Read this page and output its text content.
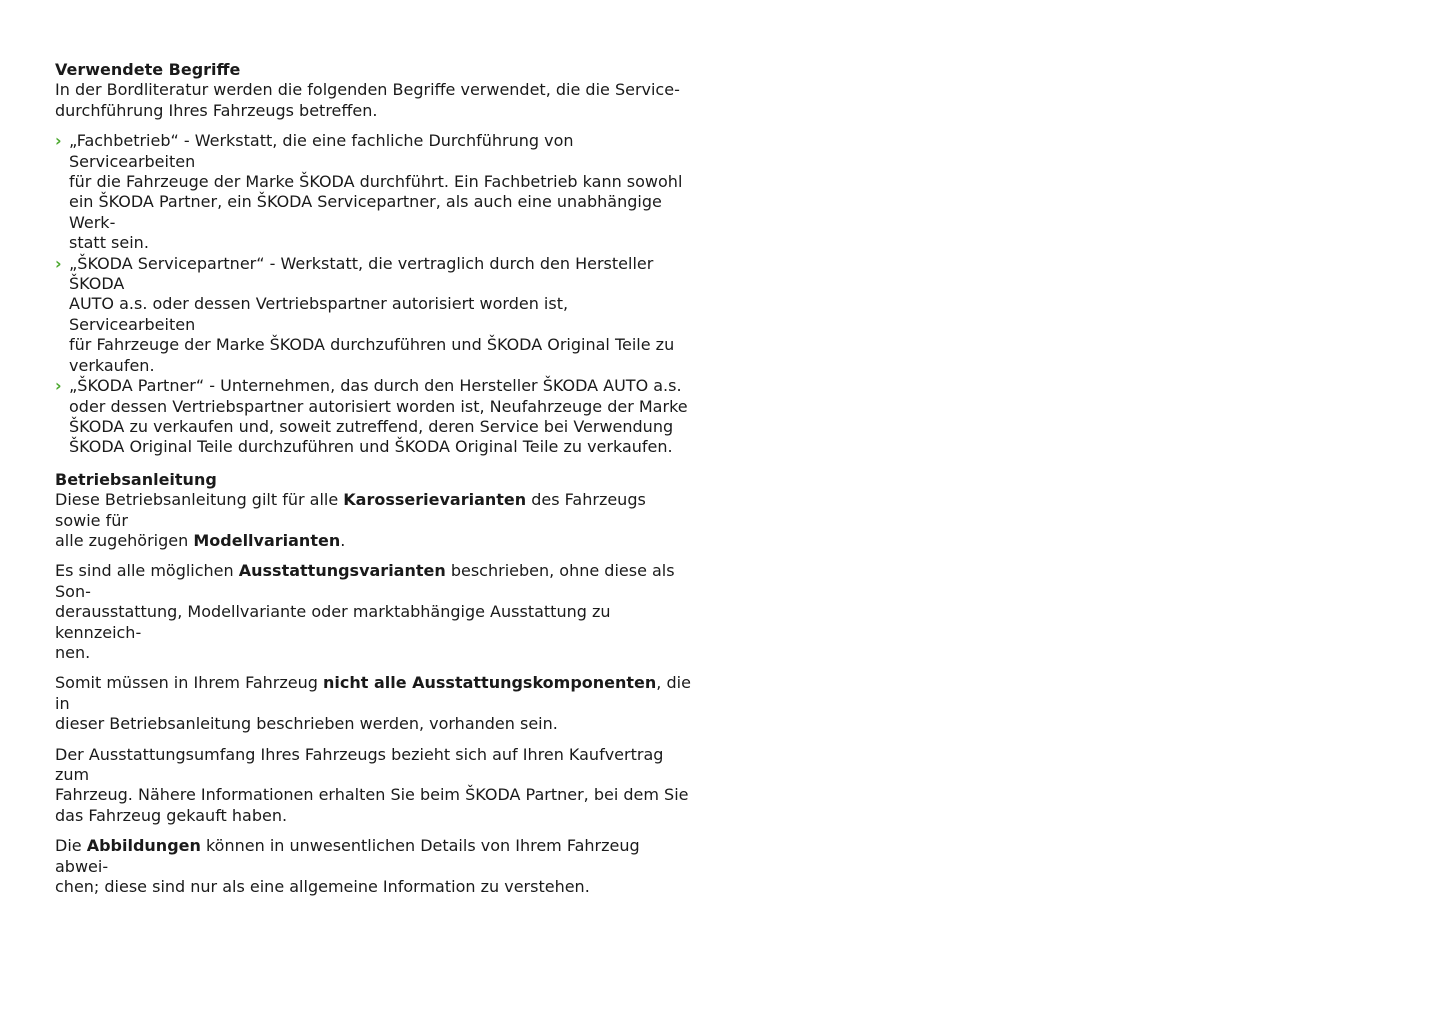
Verwendete Begriffe

In der Bordliteratur werden die folgenden Begriffe verwendet, die die Service-
durchführung Ihres Fahrzeugs betreffen.

› „Fachbetrieb“ - Werkstatt, die eine fachliche Durchführung von Servicearbeiten
für die Fahrzeuge der Marke ŠKODA durchführt. Ein Fachbetrieb kann sowohl
ein ŠKODA Partner, ein ŠKODA Servicepartner, als auch eine unabhängige Werk-
statt sein.
› „ŠKODA Servicepartner“ - Werkstatt, die vertraglich durch den Hersteller ŠKODA
AUTO a.s. oder dessen Vertriebspartner autorisiert worden ist, Servicearbeiten
für Fahrzeuge der Marke ŠKODA durchzuführen und ŠKODA Original Teile zu
verkaufen.
› „ŠKODA Partner“ - Unternehmen, das durch den Hersteller ŠKODA AUTO a.s.
oder dessen Vertriebspartner autorisiert worden ist, Neufahrzeuge der Marke
ŠKODA zu verkaufen und, soweit zutreffend, deren Service bei Verwendung
ŠKODA Original Teile durchzuführen und ŠKODA Original Teile zu verkaufen.

Betriebsanleitung

Diese Betriebsanleitung gilt für alle Karosserievarianten des Fahrzeugs sowie für
alle zugehörigen Modellvarianten.

Es sind alle möglichen Ausstattungsvarianten beschrieben, ohne diese als Son-
derausstattung, Modellvariante oder marktabhängige Ausstattung zu kennzeich-
nen.

Somit müssen in Ihrem Fahrzeug nicht alle Ausstattungskomponenten, die in
dieser Betriebsanleitung beschrieben werden, vorhanden sein.

Der Ausstattungsumfang Ihres Fahrzeugs bezieht sich auf Ihren Kaufvertrag zum
Fahrzeug. Nähere Informationen erhalten Sie beim ŠKODA Partner, bei dem Sie
das Fahrzeug gekauft haben.

Die Abbildungen können in unwesentlichen Details von Ihrem Fahrzeug abwei-
chen; diese sind nur als eine allgemeine Information zu verstehen.
